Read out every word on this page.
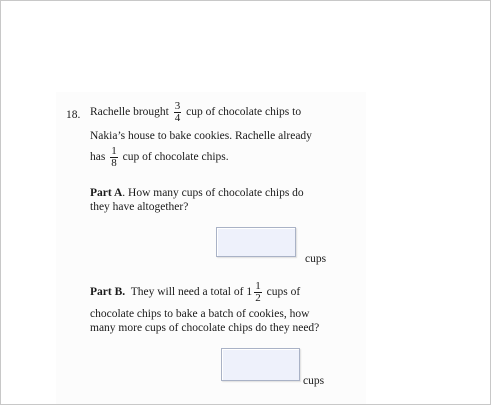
18. Rachelle brought $\frac{3}{4}$ cup of chocolate chips to
Nakia’s house to bake cookies. Rachelle already
has $\frac{1}{8}$ cup of chocolate chips.
Part A. How many cups of chocolate chips do
they have altogether?
cups
Part B. They will need a total of $1 \frac{1}{2}$ cups of
chocolate chips to bake a batch of cookies, how
many more cups of chocolate chips do they need?
cups
